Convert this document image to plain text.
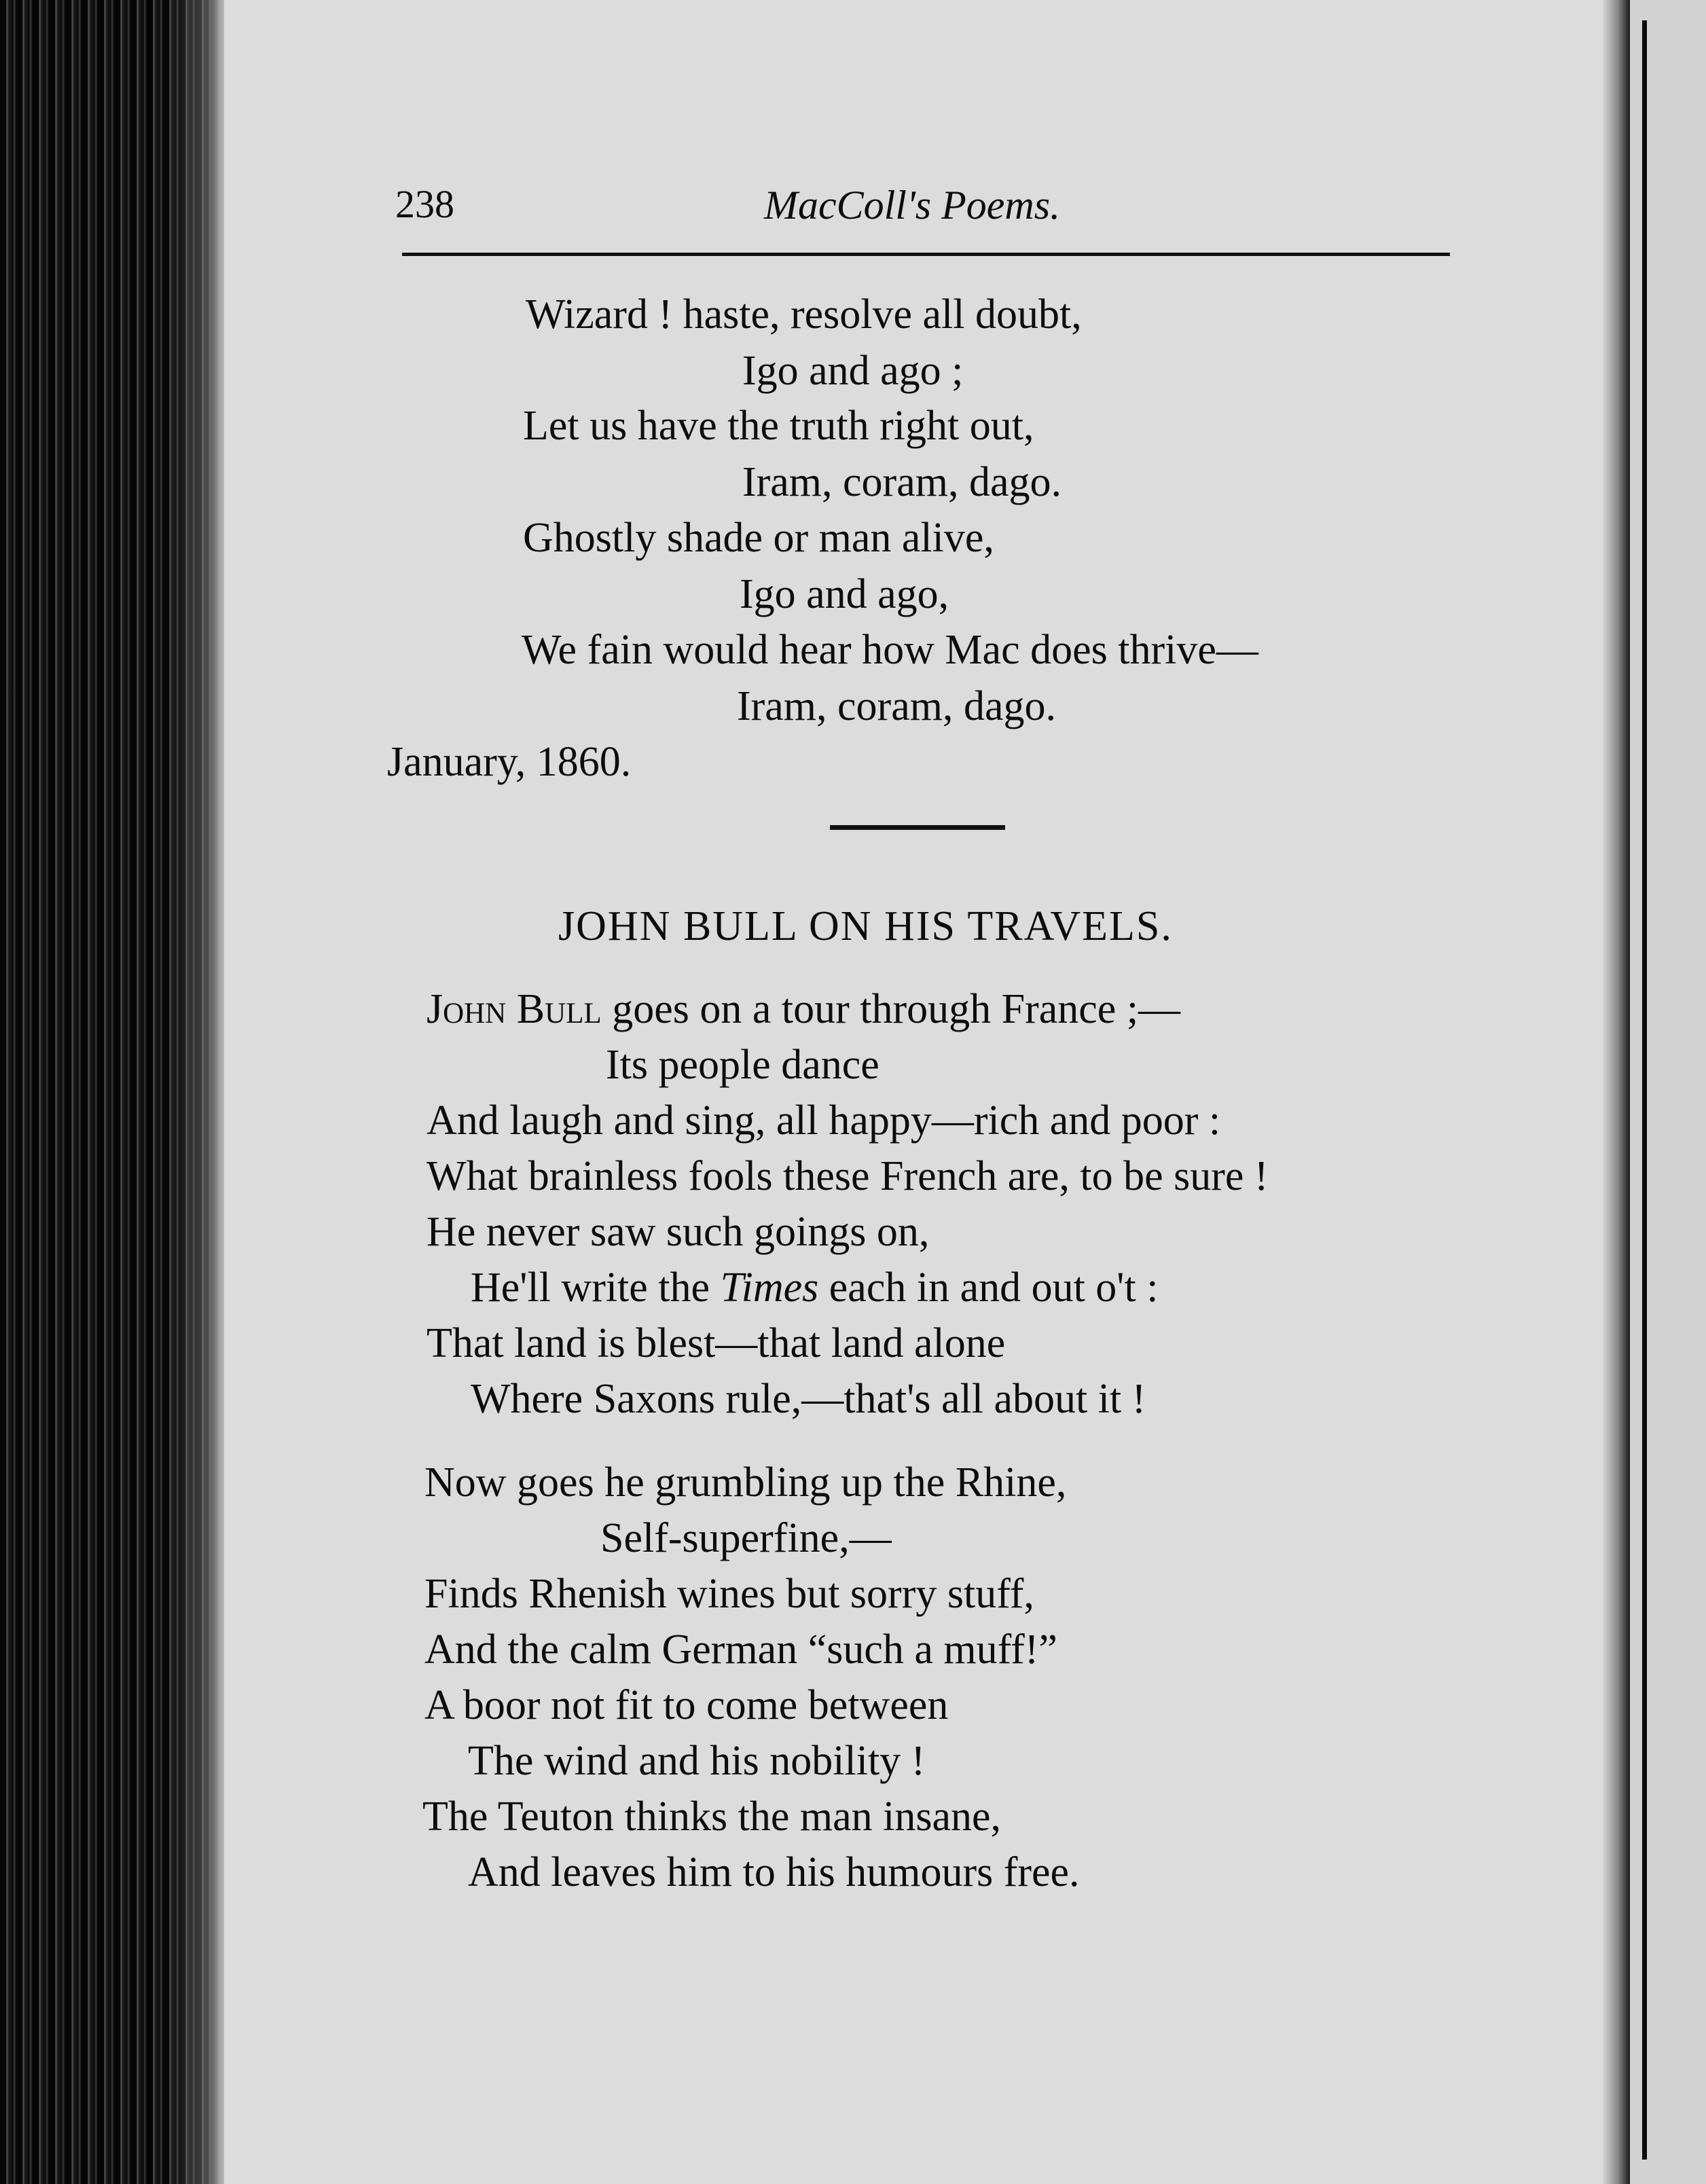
238	MacColl's Poems.
Wizard ! haste, resolve all doubt,
Igo and ago ;
Let us have the truth right out,
Iram, coram, dago.
Ghostly shade or man alive,
Igo and ago,
We fain would hear how Mac does thrive—
Iram, coram, dago.
January, 1860.
JOHN BULL ON HIS TRAVELS.
John Bull goes on a tour through France ;—
Its people dance
And laugh and sing, all happy—rich and poor :
What brainless fools these French are, to be sure !
He never saw such goings on,
He'll write the Times each in and out o't :
That land is blest—that land alone
Where Saxons rule,—that's all about it !
Now goes he grumbling up the Rhine,
Self-superfine,—
Finds Rhenish wines but sorry stuff,
And the calm German “such a muff!”
A boor not fit to come between
The wind and his nobility !
The Teuton thinks the man insane,
And leaves him to his humours free.
